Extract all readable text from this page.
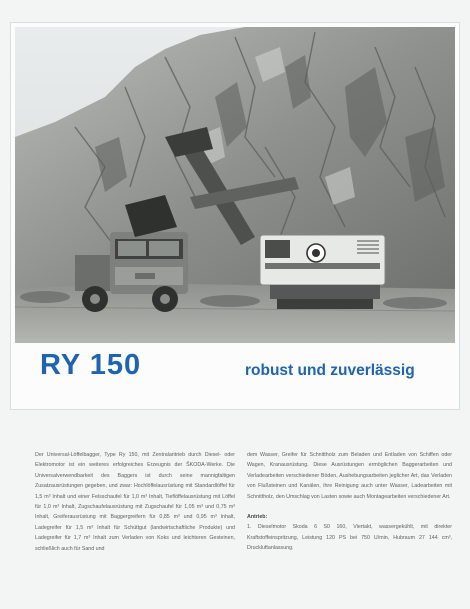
RY 150	robust und zuverlässig

Der Universal-Löffelbagger, Type Ry 150, mit Zentralantrieb durch Diesel- oder Elektromotor ist ein weiteres erfolgreiches Erzeugnis der ŠKODA-Werke. Die Universalverwendbarkeit des Baggers ist durch seine mannigfaltigen Zusatzausrüstungen gegeben, und zwar: Hochlöffelausrüstung mit Standardlöffel für 1,5 m³ Inhalt und einer Felsschaufel für 1,0 m³ Inhalt, Tieflöffelausrüstung mit Löffel für 1,0 m³ Inhalt, Zugschaufelausrüstung mit Zugschaufel für 1,05 m³ und 0,75 m³ Inhalt, Greiferausrüstung mit Baggergreifern für 0,85 m³ und 0,95 m³ Inhalt, Ladegreifer für 1,5 m³ Inhalt für Schüttgut (landwirtschaftliche Produkte) und Ladegreifer für 1,7 m³ Inhalt zum Verladen von Koks und leichteren Gesteinen, schließlich auch für Sand und

dem Wasser, Greifer für Schnittholz zum Beladen und Entladen von Schiffen oder Wagen, Kranausrüstung. Diese Ausrüstungen ermöglichen Baggerarbeiten und Verladearbeiten verschiedener Böden, Aushebungsarbeiten jeglicher Art, das Verladen von Flußsteinen und Kanälen, ihre Reinigung auch unter Wasser, Ladearbeiten mit Schnittholz, den Umschlag von Lasten sowie auch Montagearbeiten verschiedener Art.

Antrieb:

1. Dieselmotor Skoda 6 S0 160, Viertakt, wassergekühlt, mit direkter Kraftstoffeinspritzung, Leistung 120 PS bei 750 U/min, Hubraum 27 144 cm³, Druckluftanlassung.
